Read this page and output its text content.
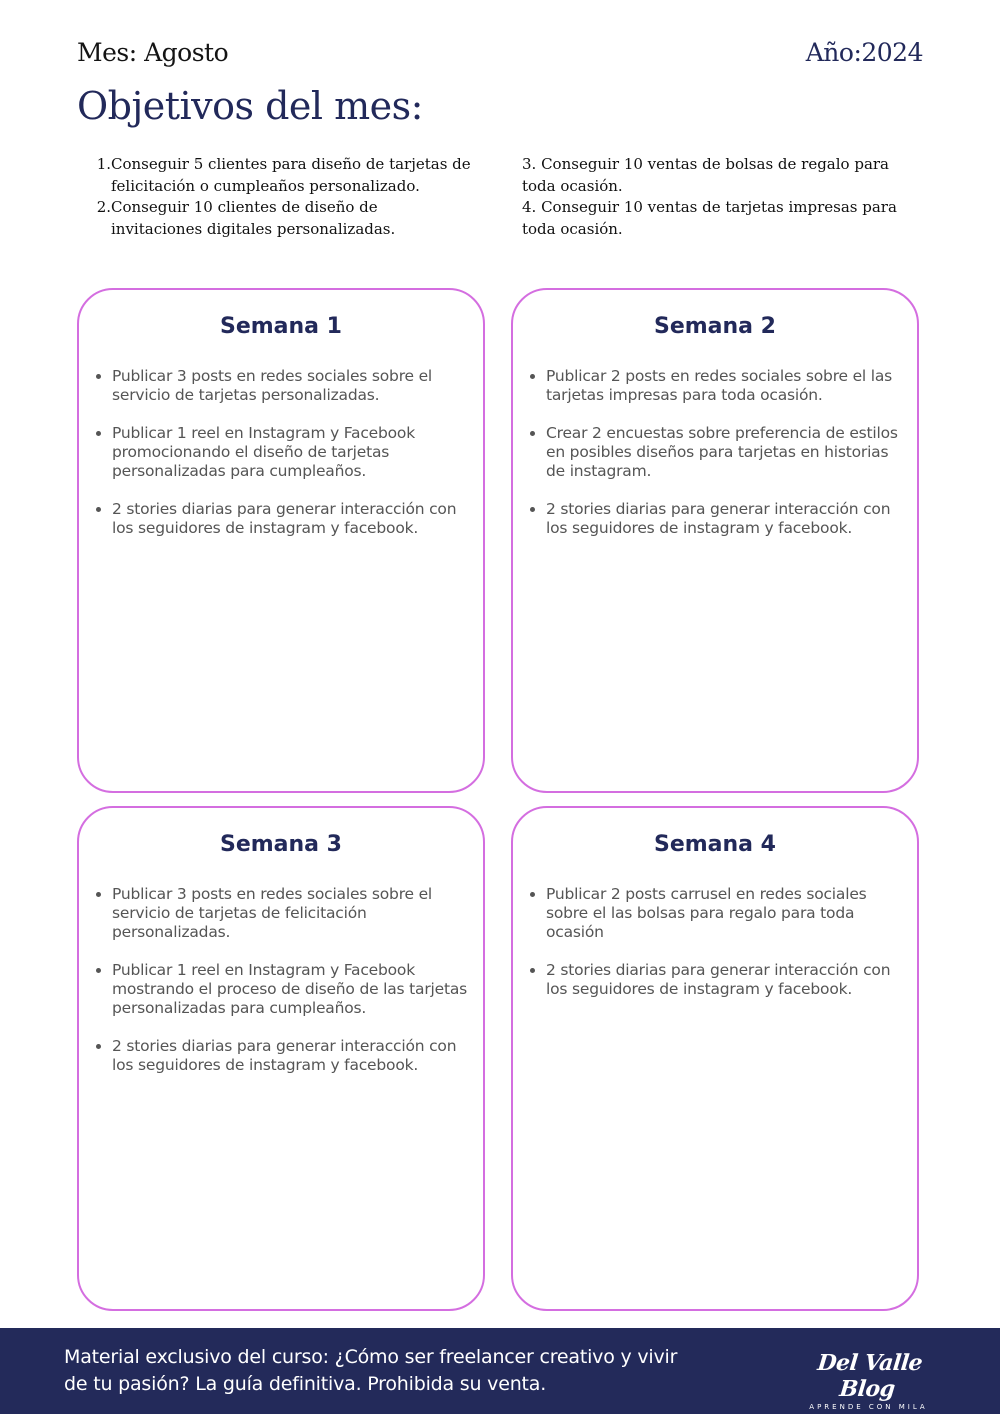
Mes: Agosto	Año:2024
Objetivos del mes:
1. Conseguir 5 clientes para diseño de tarjetas de felicitación o cumpleaños personalizado.
2. Conseguir 10 clientes de diseño de invitaciones digitales personalizadas.
3. Conseguir 10 ventas de bolsas de regalo para toda ocasión.
4. Conseguir 10 ventas de tarjetas impresas para toda ocasión.
Semana 1
• Publicar 3 posts en redes sociales sobre el servicio de tarjetas personalizadas.
• Publicar 1 reel en Instagram y Facebook promocionando el diseño de tarjetas personalizadas para cumpleaños.
• 2 stories diarias para generar interacción con los seguidores de instagram y facebook.
Semana 2
• Publicar 2 posts en redes sociales sobre el las tarjetas impresas para toda ocasión.
• Crear 2 encuestas sobre preferencia de estilos en posibles diseños para tarjetas en historias de instagram.
• 2 stories diarias para generar interacción con los seguidores de instagram y facebook.
Semana 3
• Publicar 3 posts en redes sociales sobre el servicio de tarjetas de felicitación personalizadas.
• Publicar 1 reel en Instagram y Facebook mostrando el proceso de diseño de las tarjetas personalizadas para cumpleaños.
• 2 stories diarias para generar interacción con los seguidores de instagram y facebook.
Semana 4
• Publicar 2 posts carrusel en redes sociales sobre el las bolsas para regalo para toda ocasión
• 2 stories diarias para generar interacción con los seguidores de instagram y facebook.
Material exclusivo del curso: ¿Cómo ser freelancer creativo y vivir de tu pasión? La guía definitiva. Prohibida su venta.
Del Valle Blog
APRENDE CON MILA
